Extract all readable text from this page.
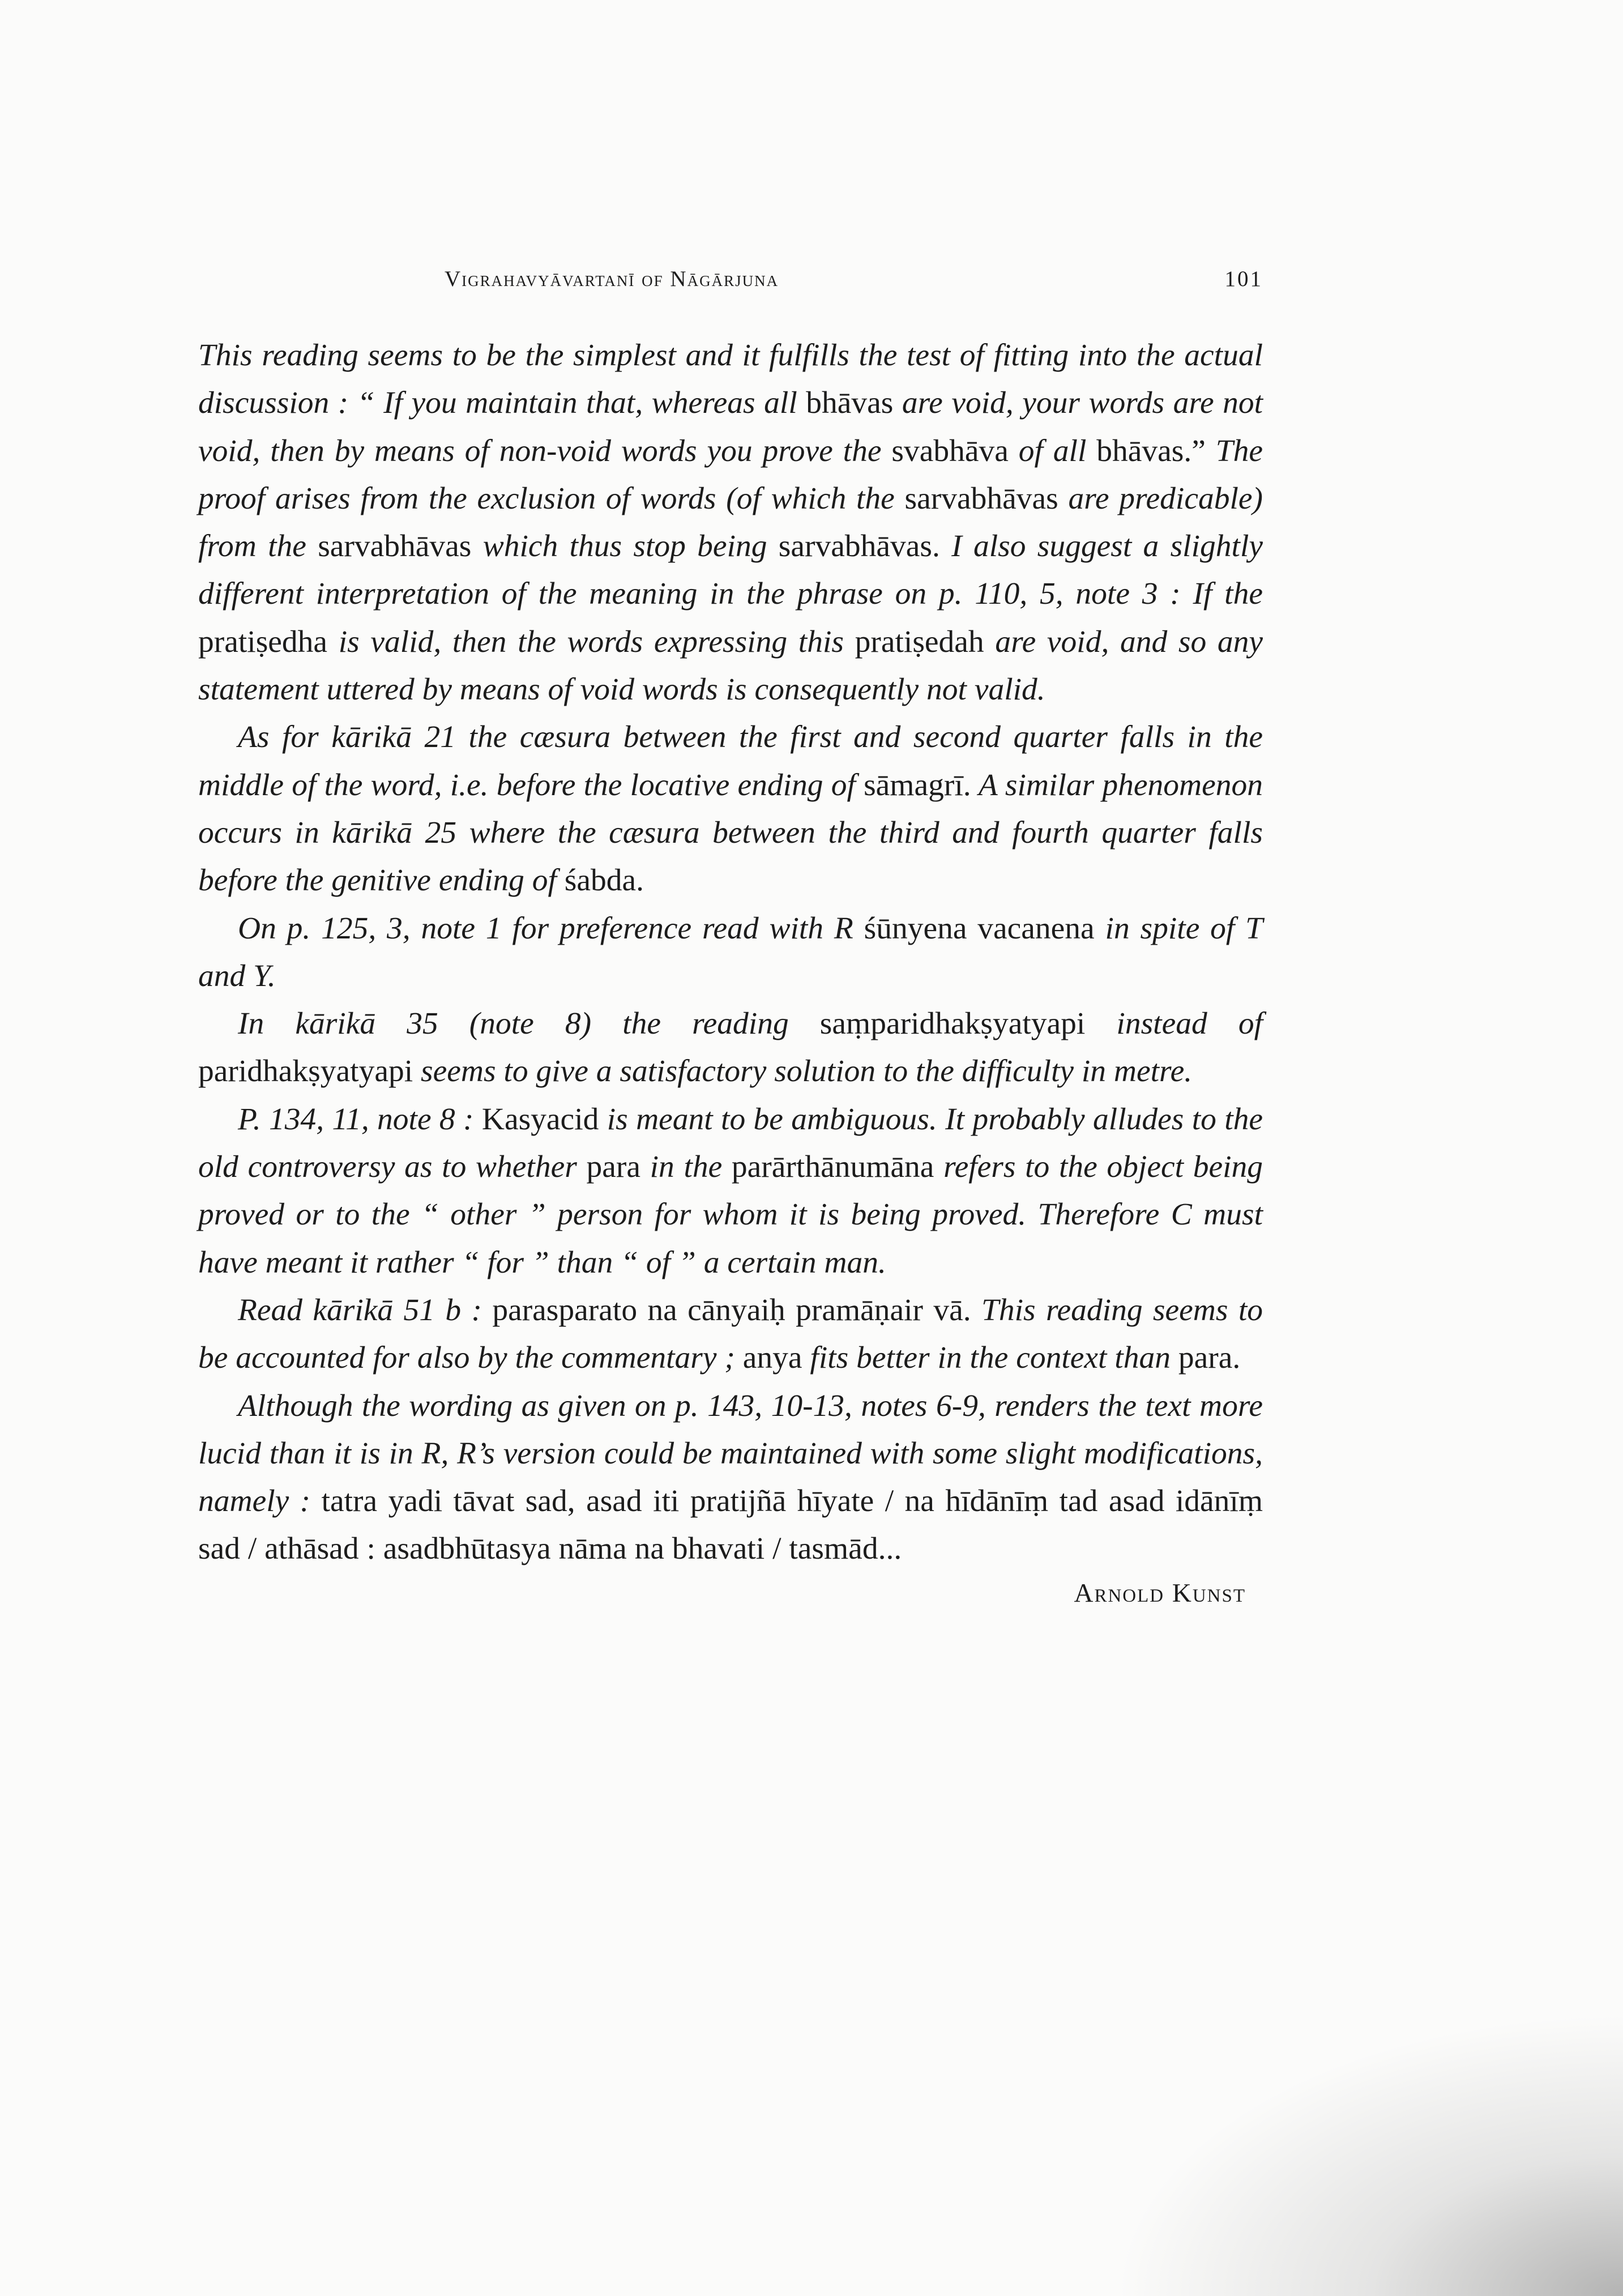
Vigrahavyāvartanī of Nāgārjuna	101

This reading seems to be the simplest and it fulfills the test of fitting into the actual discussion : “ If you maintain that, whereas all bhāvas are void, your words are not void, then by means of non-void words you prove the svabhāva of all bhāvas.” The proof arises from the exclusion of words (of which the sarvabhāvas are predicable) from the sarvabhāvas which thus stop being sarvabhāvas. I also suggest a slightly different interpretation of the meaning in the phrase on p. 110, 5, note 3 : If the pratiṣedha is valid, then the words expressing this pratiṣedah are void, and so any statement uttered by means of void words is consequently not valid.

As for kārikā 21 the cæsura between the first and second quarter falls in the middle of the word, i.e. before the locative ending of sāmagrī. A similar phenomenon occurs in kārikā 25 where the cæsura between the third and fourth quarter falls before the genitive ending of śabda.

On p. 125, 3, note 1 for preference read with R śūnyena vacanena in spite of T and Y.

In kārikā 35 (note 8) the reading saṃparidhakṣyatyapi instead of paridhakṣyatyapi seems to give a satisfactory solution to the difficulty in metre.

P. 134, 11, note 8 : Kasyacid is meant to be ambiguous. It probably alludes to the old controversy as to whether para in the parārthānumāna refers to the object being proved or to the “ other ” person for whom it is being proved. Therefore C must have meant it rather “ for ” than “ of ” a certain man.

Read kārikā 51 b : parasparato na cānyaiḥ pramāṇair vā. This reading seems to be accounted for also by the commentary ; anya fits better in the context than para.

Although the wording as given on p. 143, 10-13, notes 6-9, renders the text more lucid than it is in R, R’s version could be maintained with some slight modifications, namely : tatra yadi tāvat sad, asad iti pratijñā hīyate / na hīdānīṃ tad asad idānīṃ sad / athāsad : asadbhūtasya nāma na bhavati / tasmād...

Arnold Kunst
